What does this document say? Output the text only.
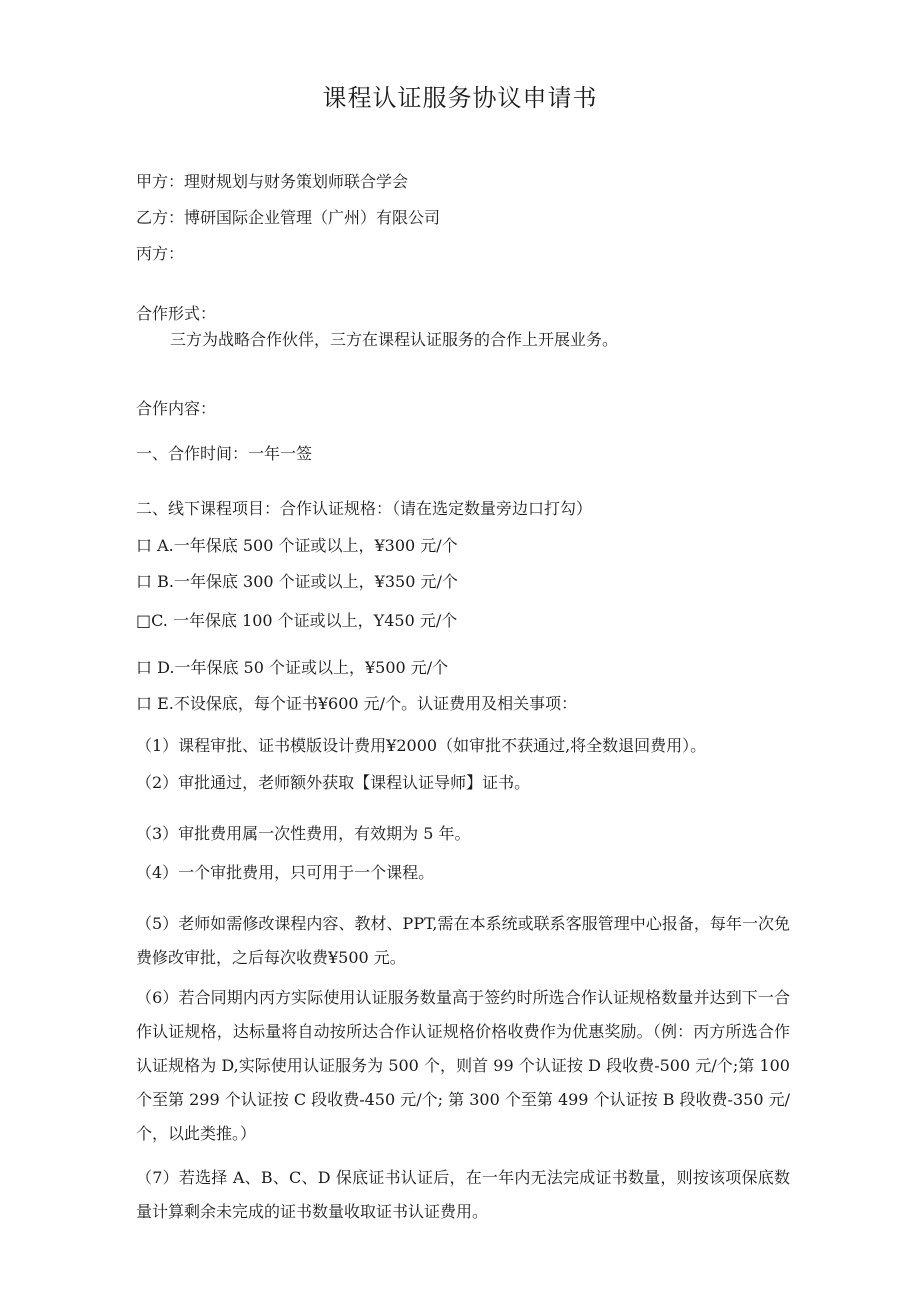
课程认证服务协议申请书
甲方：理财规划与财务策划师联合学会
乙方：博研国际企业管理（广州）有限公司
丙方：
合作形式：
三方为战略合作伙伴，三方在课程认证服务的合作上开展业务。
合作内容：
一、合作时间：一年一签
二、线下课程项目：合作认证规格：（请在选定数量旁边口打勾）
口 A.一年保底 500 个证或以上，¥300 元/个
口 B.一年保底 300 个证或以上，¥350 元/个
□C. 一年保底 100 个证或以上，Y450 元/个
口 D.一年保底 50 个证或以上，¥500 元/个
口 E.不设保底，每个证书¥600 元/个。认证费用及相关事项：
（1）课程审批、证书模版设计费用¥2000（如审批不获通过,将全数退回费用）。
（2）审批通过，老师额外获取【课程认证导师】证书。
（3）审批费用属一次性费用，有效期为 5 年。
（4）一个审批费用，只可用于一个课程。
（5）老师如需修改课程内容、教材、PPT,需在本系统或联系客服管理中心报备，每年一次免费修改审批，之后每次收费¥500 元。
（6）若合同期内丙方实际使用认证服务数量高于签约时所选合作认证规格数量并达到下一合作认证规格，达标量将自动按所达合作认证规格价格收费作为优惠奖励。（例：丙方所选合作认证规格为 D,实际使用认证服务为 500 个，则首 99 个认证按 D 段收费-500 元/个;第 100 个至第 299 个认证按 C 段收费-450 元/个; 第 300 个至第 499 个认证按 B 段收费-350 元/个，以此类推。）
（7）若选择 A、B、C、D 保底证书认证后，在一年内无法完成证书数量，则按该项保底数量计算剩余未完成的证书数量收取证书认证费用。
